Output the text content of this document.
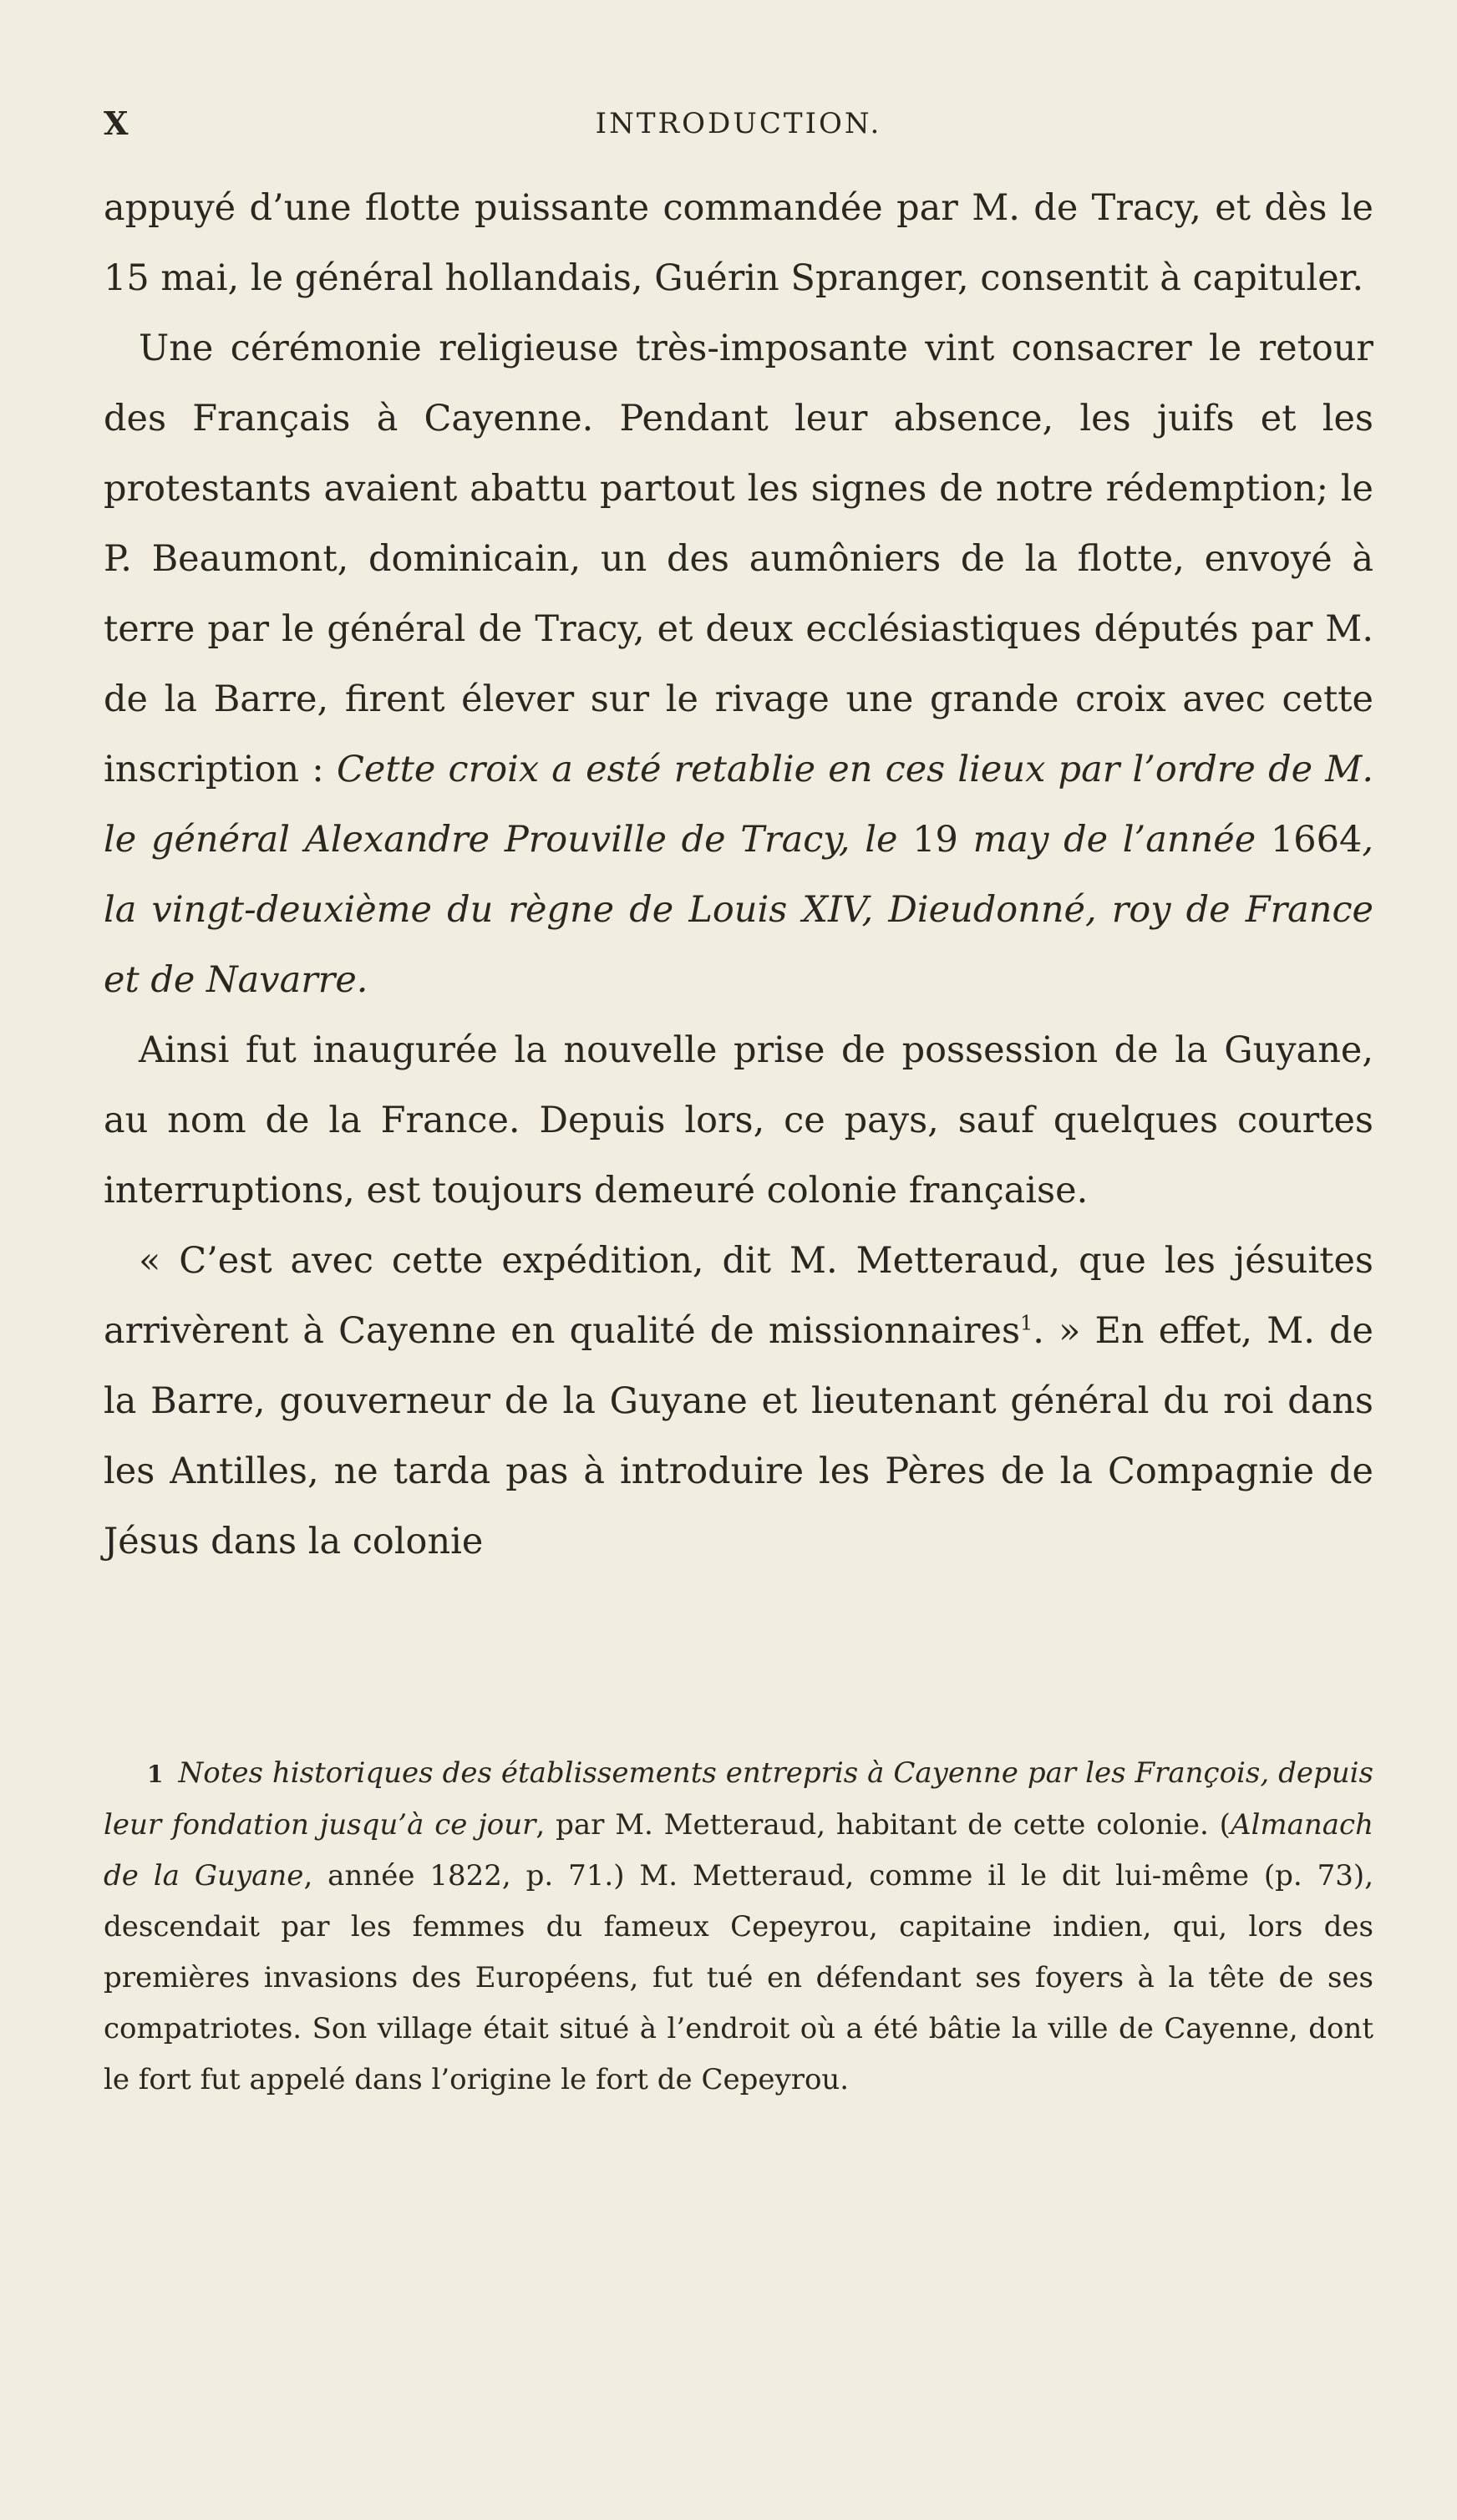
X	INTRODUCTION.

appuyé d’une flotte puissante commandée par M. de Tracy, et dès le 15 mai, le général hollandais, Guérin Spranger, consentit à capituler.

Une cérémonie religieuse très-imposante vint consacrer le retour des Français à Cayenne. Pendant leur absence, les juifs et les protestants avaient abattu partout les signes de notre rédemption; le P. Beaumont, dominicain, un des aumôniers de la flotte, envoyé à terre par le général de Tracy, et deux ecclésiastiques députés par M. de la Barre, firent élever sur le rivage une grande croix avec cette inscription : Cette croix a esté retablie en ces lieux par l’ordre de M. le général Alexandre Prouville de Tracy, le 19 may de l’année 1664, la vingt-deuxième du règne de Louis XIV, Dieudonné, roy de France et de Navarre.

Ainsi fut inaugurée la nouvelle prise de possession de la Guyane, au nom de la France. Depuis lors, ce pays, sauf quelques courtes interruptions, est toujours demeuré colonie française.

« C’est avec cette expédition, dit M. Metteraud, que les jésuites arrivèrent à Cayenne en qualité de missionnaires$^1$. » En effet, M. de la Barre, gouverneur de la Guyane et lieutenant général du roi dans les Antilles, ne tarda pas à introduire les Pères de la Compagnie de Jésus dans la colonie

1 Notes historiques des établissements entrepris à Cayenne par les François, depuis leur fondation jusqu’à ce jour, par M. Metteraud, habitant de cette colonie. (Almanach de la Guyane, année 1822, p. 71.) M. Metteraud, comme il le dit lui-même (p. 73), descendait par les femmes du fameux Cepeyrou, capitaine indien, qui, lors des premières invasions des Européens, fut tué en défendant ses foyers à la tête de ses compatriotes. Son village était situé à l’endroit où a été bâtie la ville de Cayenne, dont le fort fut appelé dans l’origine le fort de Cepeyrou.
